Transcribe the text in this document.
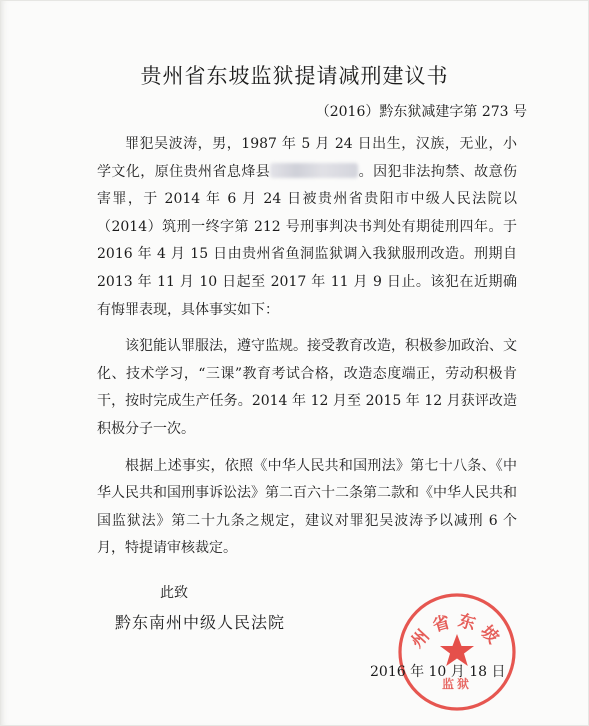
贵州省东坡监狱提请减刑建议书
（2016）黔东狱减建字第 273 号

罪犯吴波涛，男，1987 年 5 月 24 日出生，汉族，无业，小学文化，原住贵州省息烽县	。因犯非法拘禁、故意伤害罪，于 2014 年 6 月 24 日被贵州省贵阳市中级人民法院以（2014）筑刑一终字第 212 号刑事判决书判处有期徒刑四年。于 2016 年 4 月 15 日由贵州省鱼洞监狱调入我狱服刑改造。刑期自 2013 年 11 月 10 日起至 2017 年 11 月 9 日止。该犯在近期确有悔罪表现，具体事实如下：

该犯能认罪服法，遵守监规。接受教育改造，积极参加政治、文化、技术学习，“三课”教育考试合格，改造态度端正，劳动积极肯干，按时完成生产任务。2014 年 12 月至 2015 年 12 月获评改造积极分子一次。

根据上述事实，依照《中华人民共和国刑法》第七十八条、《中华人民共和国刑事诉讼法》第二百六十二条第二款和《中华人民共和国监狱法》第二十九条之规定，建议对罪犯吴波涛予以减刑 6 个月，特提请审核裁定。

此致
黔东南州中级人民法院	州省东坡
监狱
2016 年 10 月 18 日
